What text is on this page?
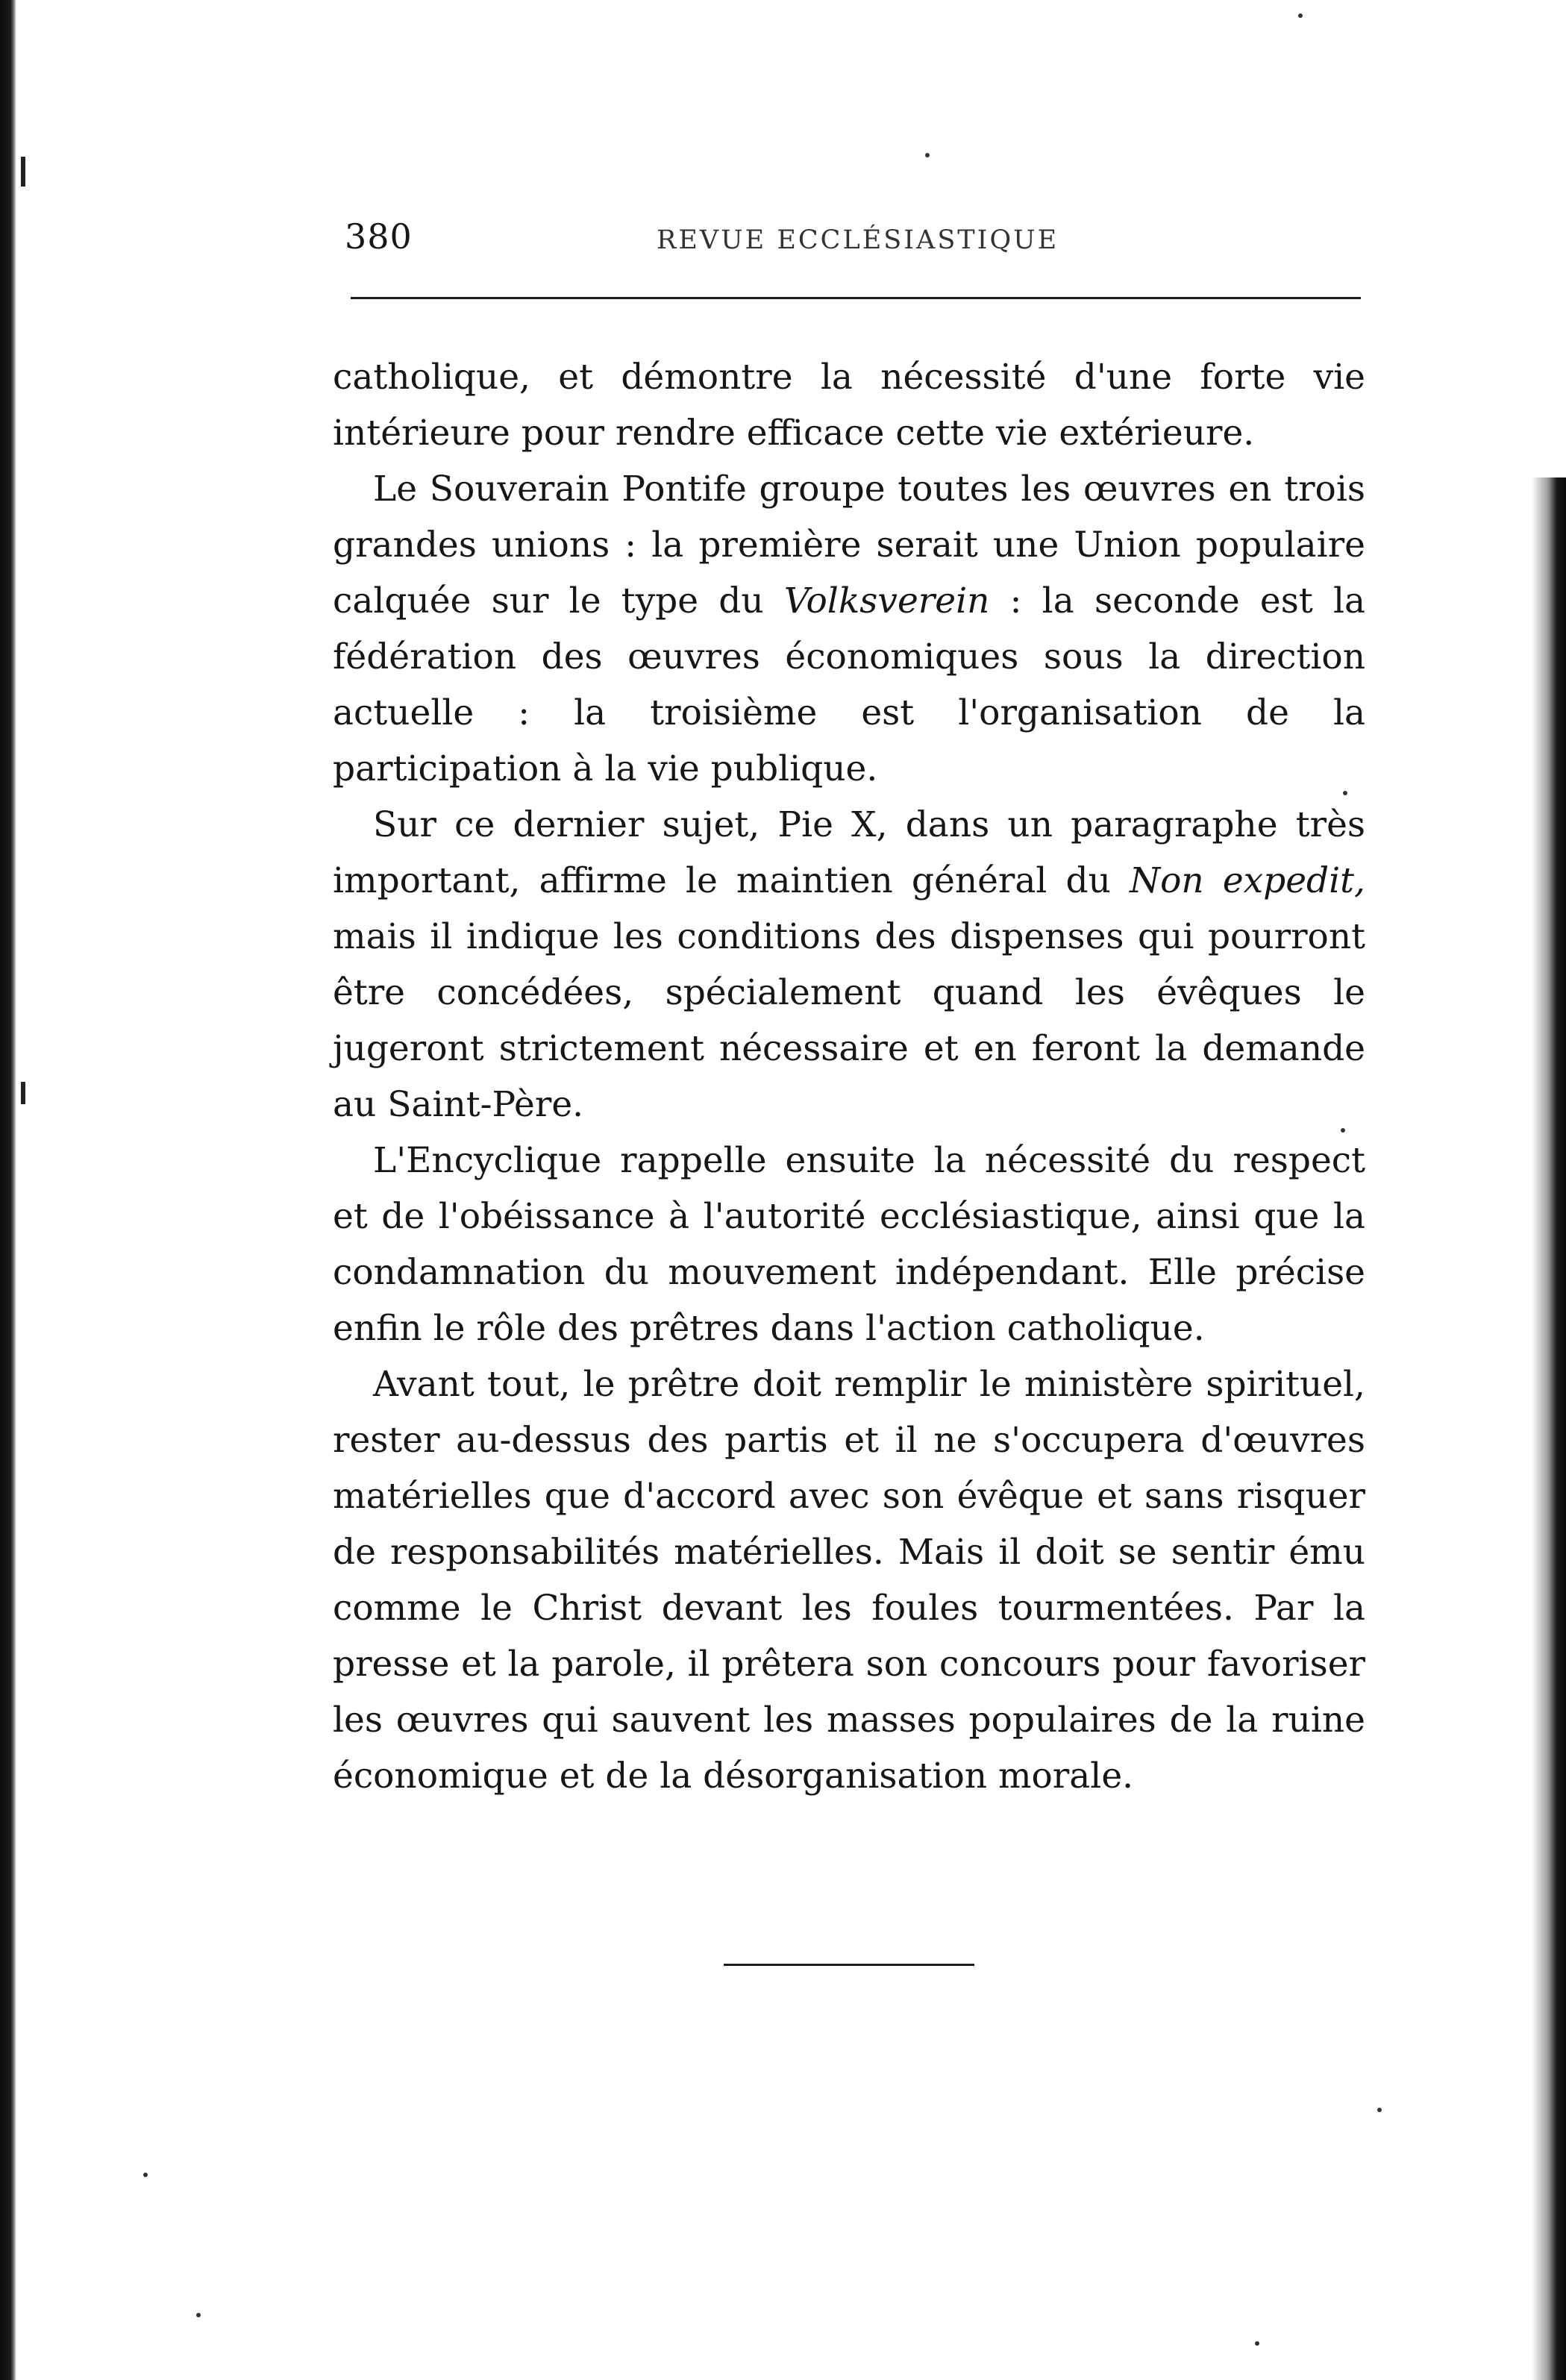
380	REVUE ECCLÉSIASTIQUE

catholique, et démontre la nécessité d'une forte vie intérieure pour rendre efficace cette vie extérieure.

Le Souverain Pontife groupe toutes les œuvres en trois grandes unions : la première serait une Union populaire calquée sur le type du Volksverein : la seconde est la fédération des œuvres économiques sous la direction actuelle : la troisième est l'organisation de la participation à la vie publique.

Sur ce dernier sujet, Pie X, dans un paragraphe très important, affirme le maintien général du Non expedit, mais il indique les conditions des dispenses qui pourront être concédées, spécialement quand les évêques le jugeront strictement nécessaire et en feront la demande au Saint-Père.

L'Encyclique rappelle ensuite la nécessité du respect et de l'obéissance à l'autorité ecclésiastique, ainsi que la condamnation du mouvement indépendant. Elle précise enfin le rôle des prêtres dans l'action catholique.

Avant tout, le prêtre doit remplir le ministère spirituel, rester au-dessus des partis et il ne s'occupera d'œuvres matérielles que d'accord avec son évêque et sans risquer de responsabilités matérielles. Mais il doit se sentir ému comme le Christ devant les foules tourmentées. Par la presse et la parole, il prêtera son concours pour favoriser les œuvres qui sauvent les masses populaires de la ruine économique et de la désorganisation morale.
